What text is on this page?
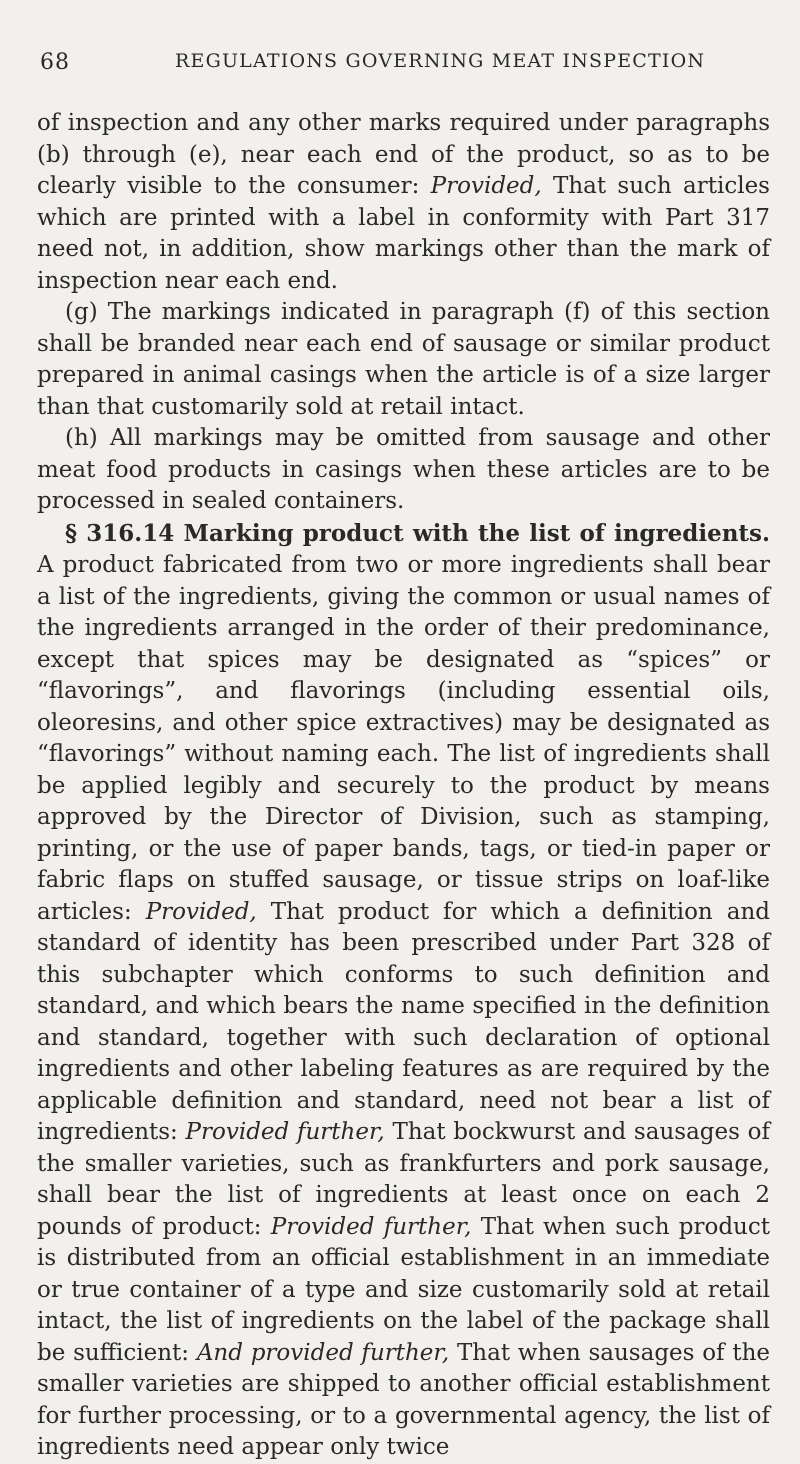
68	REGULATIONS GOVERNING MEAT INSPECTION

of inspection and any other marks required under paragraphs (b) through (e), near each end of the product, so as to be clearly visible to the consumer: Provided, That such articles which are printed with a label in conformity with Part 317 need not, in addition, show markings other than the mark of inspection near each end.

(g) The markings indicated in paragraph (f) of this section shall be branded near each end of sausage or similar product prepared in animal casings when the article is of a size larger than that customarily sold at retail intact.

(h) All markings may be omitted from sausage and other meat food products in casings when these articles are to be processed in sealed containers.

§ 316.14 Marking product with the list of ingredients. A product fabricated from two or more ingredients shall bear a list of the ingredients, giving the common or usual names of the ingredients arranged in the order of their predominance, except that spices may be designated as “spices” or “flavorings”, and flavorings (including essential oils, oleoresins, and other spice extractives) may be designated as “flavorings” without naming each. The list of ingredients shall be applied legibly and securely to the product by means approved by the Director of Division, such as stamping, printing, or the use of paper bands, tags, or tied-in paper or fabric flaps on stuffed sausage, or tissue strips on loaf-like articles: Provided, That product for which a definition and standard of identity has been prescribed under Part 328 of this subchapter which conforms to such definition and standard, and which bears the name specified in the definition and standard, together with such declaration of optional ingredients and other labeling features as are required by the applicable definition and standard, need not bear a list of ingredients: Provided further, That bockwurst and sausages of the smaller varieties, such as frankfurters and pork sausage, shall bear the list of ingredients at least once on each 2 pounds of product: Provided further, That when such product is distributed from an official establishment in an immediate or true container of a type and size customarily sold at retail intact, the list of ingredients on the label of the package shall be sufficient: And provided further, That when sausages of the smaller varieties are shipped to another official establishment for further processing, or to a governmental agency, the list of ingredients need appear only twice
